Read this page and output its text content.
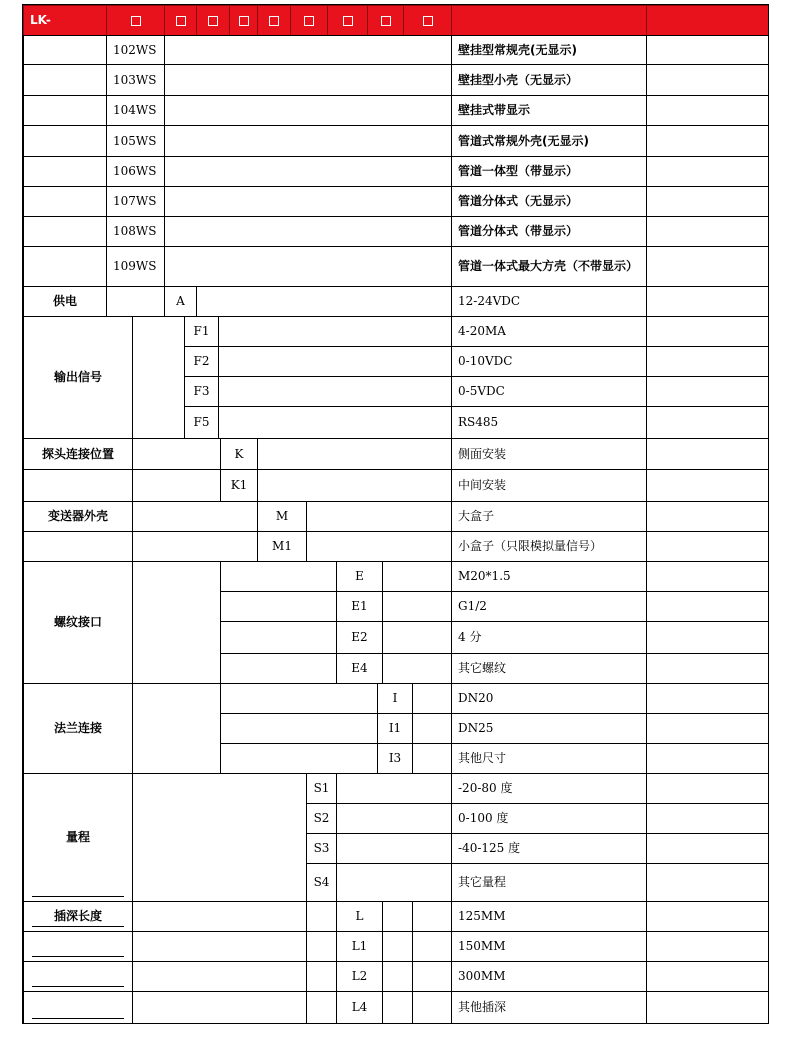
LK-
102WS	壁挂型常规壳(无显示)
103WS	壁挂型小壳（无显示）
104WS	壁挂式带显示
105WS	管道式常规外壳(无显示)
106WS	管道一体型（带显示）
107WS	管道分体式（无显示）
108WS	管道分体式（带显示）
109WS	管道一体式最大方壳（不带显示）
供电	A	12-24VDC
输出信号
F1	4-20MA
F2	0-10VDC
F3	0-5VDC
F5	RS485
探头连接位置	K	侧面安装
K1	中间安装
变送器外壳	M	大盒子
M1	小盒子（只限模拟量信号）
螺纹接口
E	M20*1.5
E1	G1/2
E2	4 分
E4	其它螺纹
法兰连接
I	DN20
I1	DN25
I3	其他尺寸
量程
S1	-20-80 度
S2	0-100 度
S3	-40-125 度
S4	其它量程
插深长度	L	125MM
L1	150MM
L2	300MM
L4	其他插深
